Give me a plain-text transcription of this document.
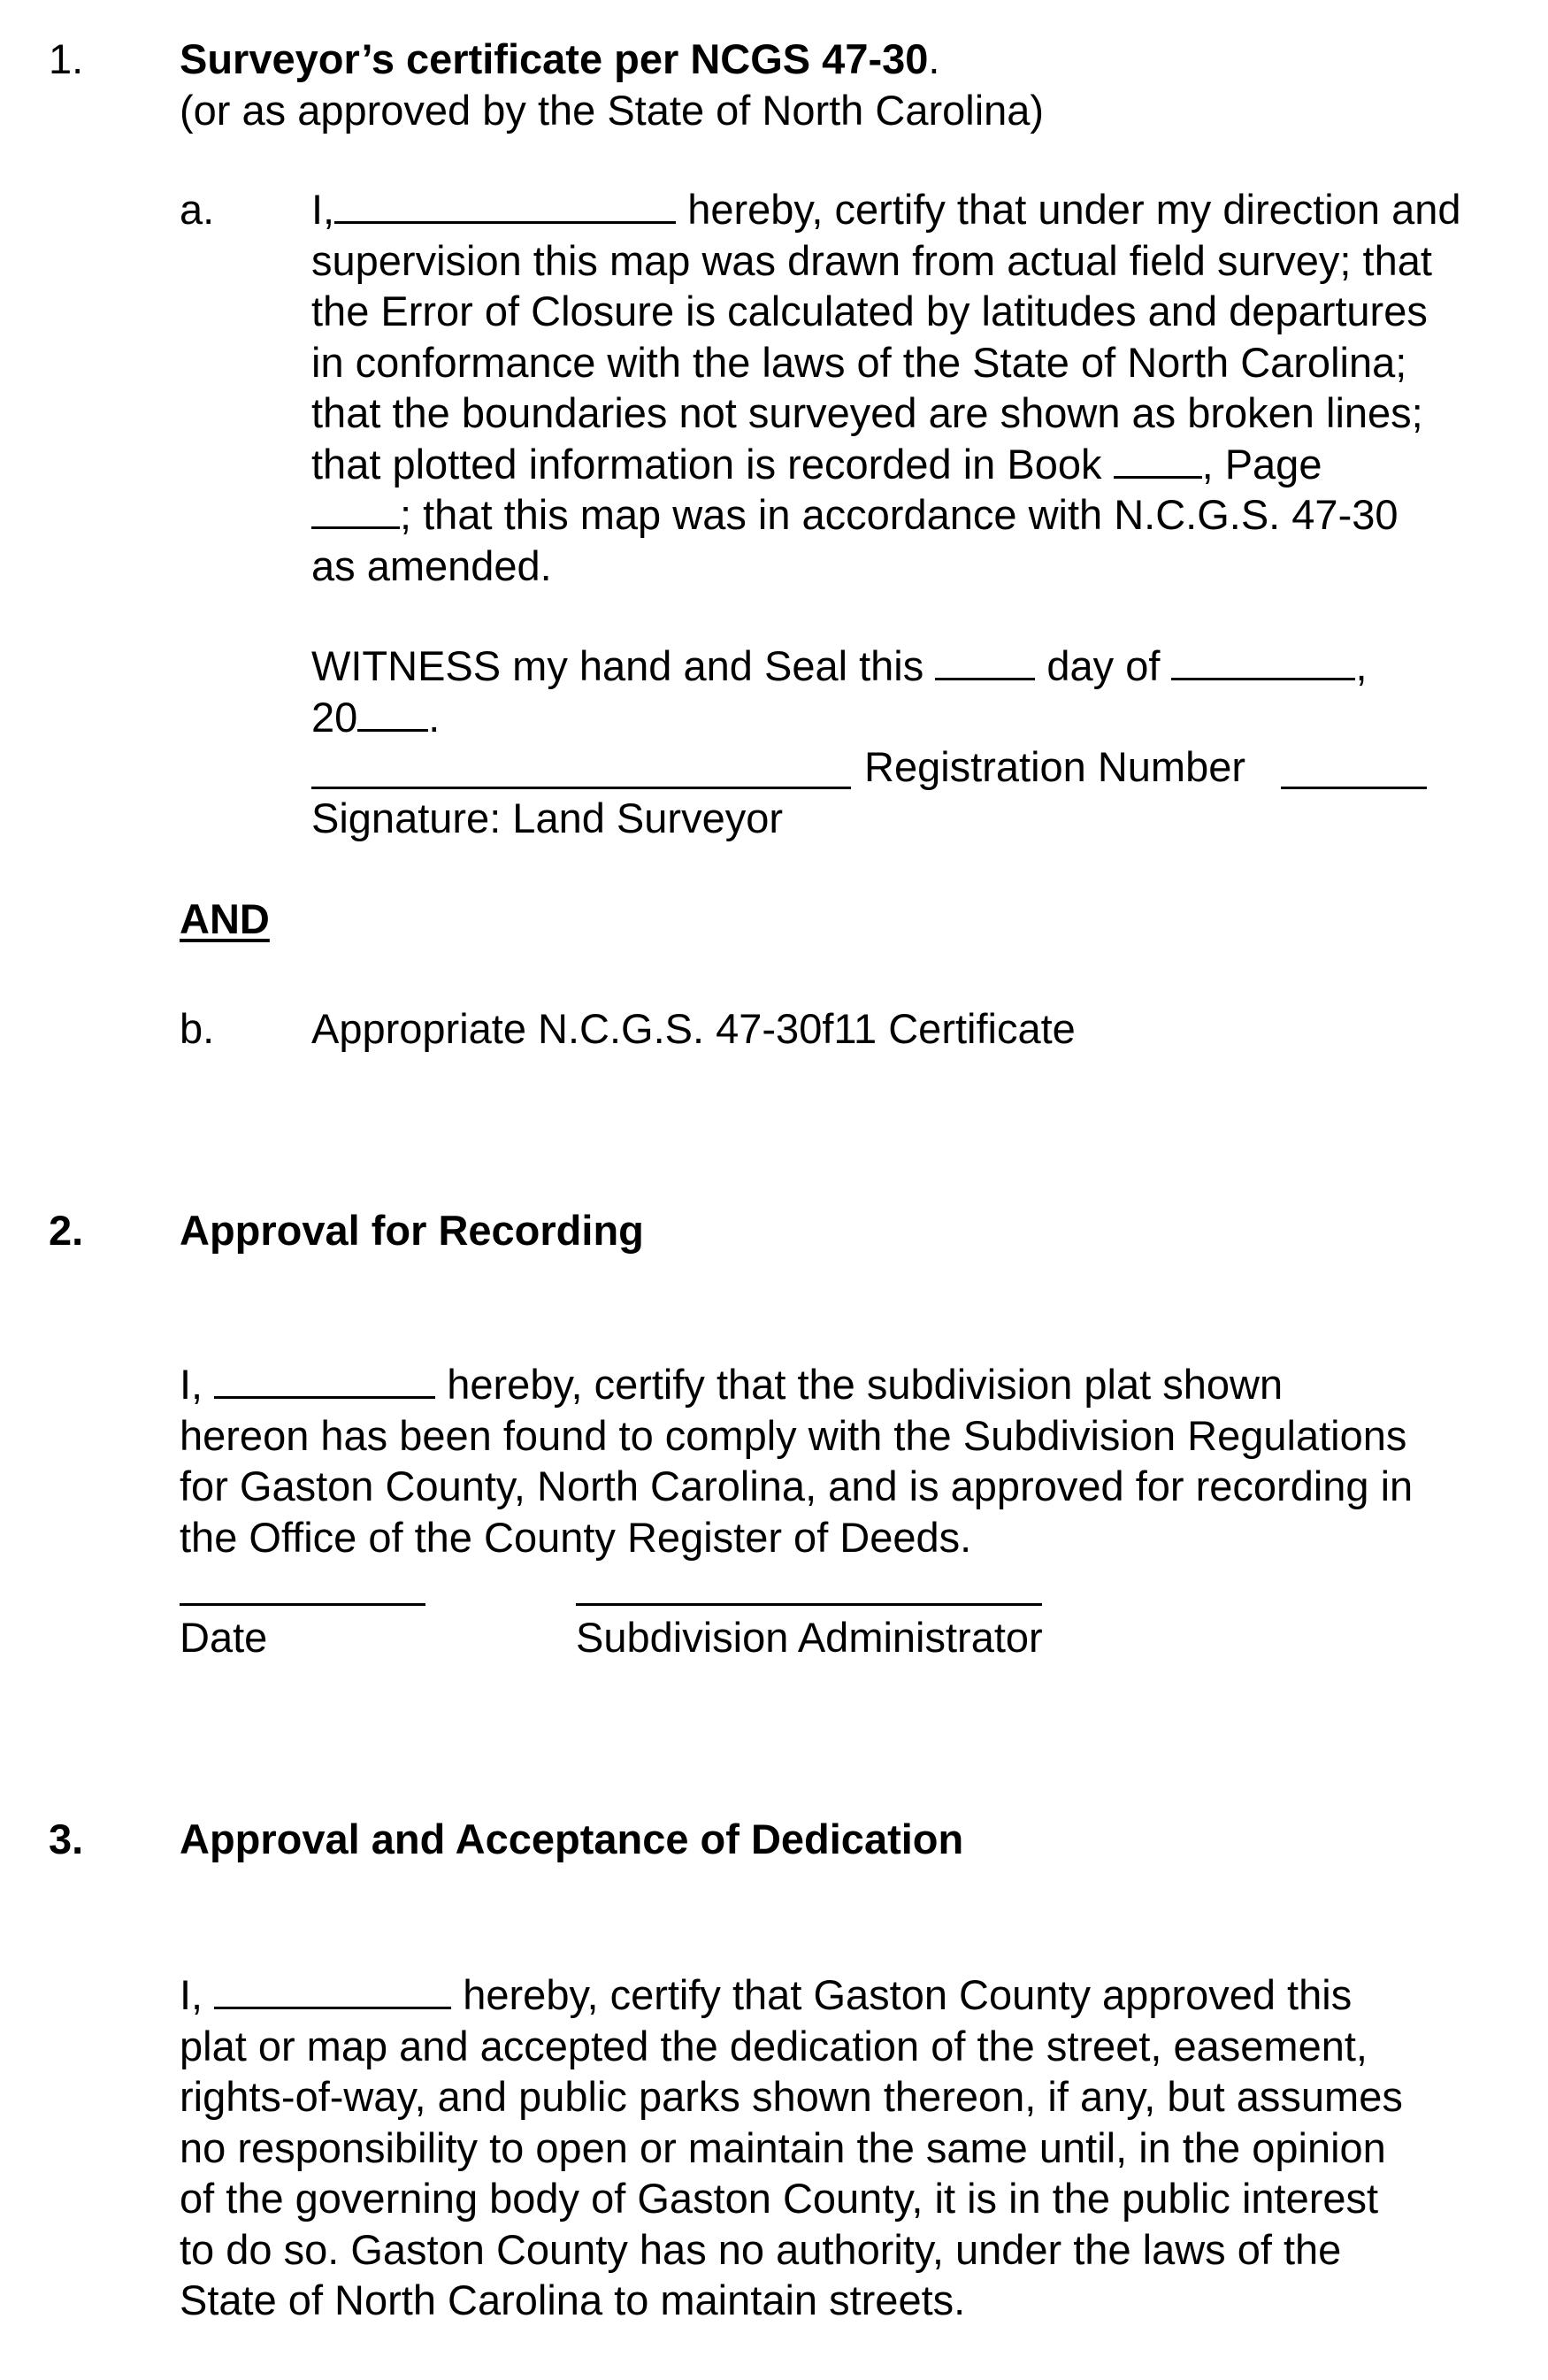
1. Surveyor’s certificate per NCGS 47-30.
(or as approved by the State of North Carolina)
a. I,	hereby, certify that under my direction and
supervision this map was drawn from actual field survey; that
the Error of Closure is calculated by latitudes and departures
in conformance with the laws of the State of North Carolina;
that the boundaries not surveyed are shown as broken lines;
that plotted information is recorded in Book , Page
; that this map was in accordance with N.C.G.S. 47-30
as amended.
WITNESS my hand and Seal this  day of	,
20 .
Registration Number
Signature: Land Surveyor
AND
b. Appropriate N.C.G.S. 47-30f11 Certificate
2. Approval for Recording
I,	hereby, certify that the subdivision plat shown
hereon has been found to comply with the Subdivision Regulations
for Gaston County, North Carolina, and is approved for recording in
the Office of the County Register of Deeds.
Date	Subdivision Administrator
3. Approval and Acceptance of Dedication
I,	hereby, certify that Gaston County approved this
plat or map and accepted the dedication of the street, easement,
rights-of-way, and public parks shown thereon, if any, but assumes
no responsibility to open or maintain the same until, in the opinion
of the governing body of Gaston County, it is in the public interest
to do so. Gaston County has no authority, under the laws of the
State of North Carolina to maintain streets.
